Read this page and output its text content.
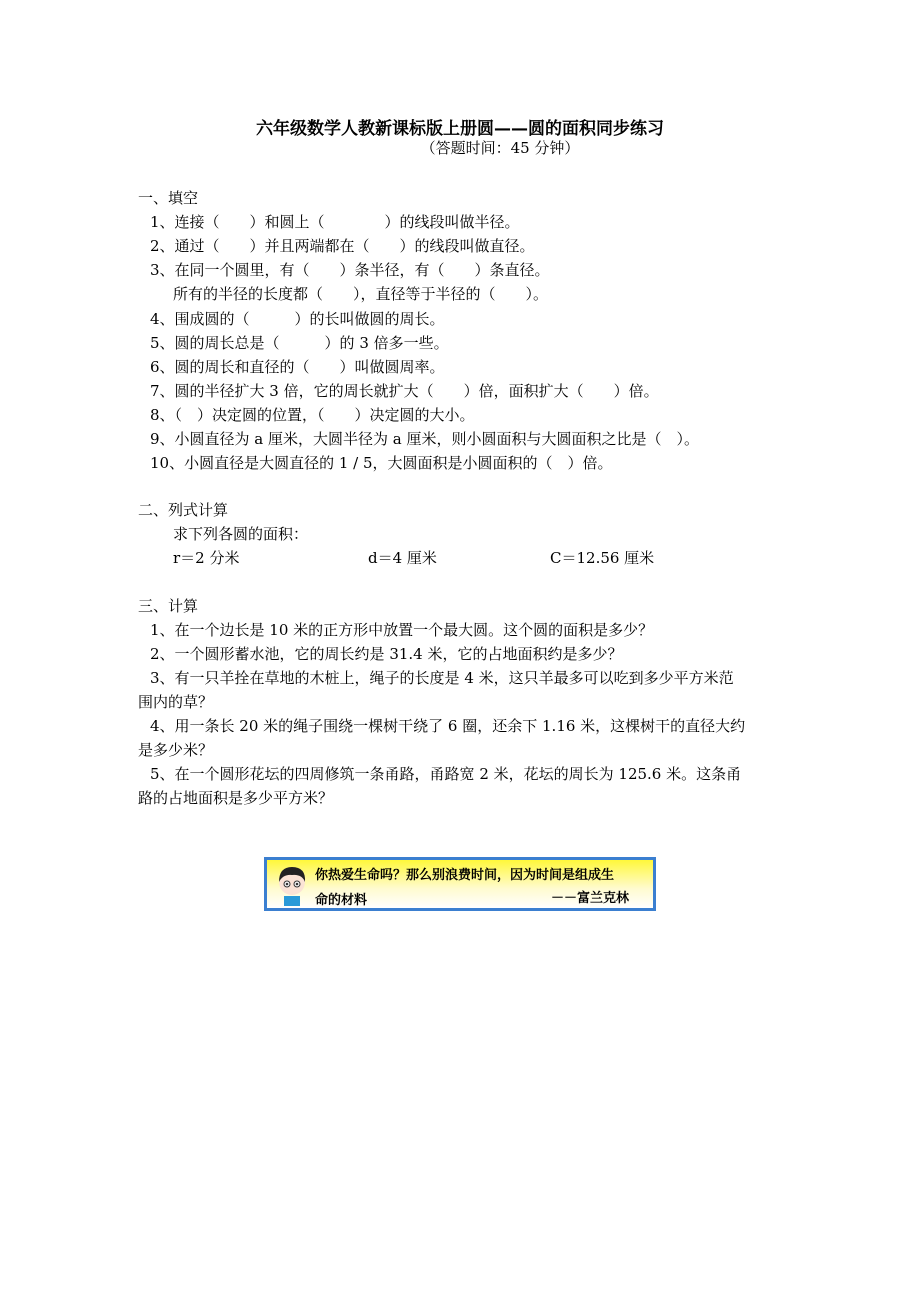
六年级数学人教新课标版上册圆——圆的面积同步练习
（答题时间：45 分钟）
一、填空
1、连接（　　）和圆上（　　　　）的线段叫做半径。
2、通过（　　）并且两端都在（　　）的线段叫做直径。
3、在同一个圆里，有（　　）条半径，有（　　）条直径。
　所有的半径的长度都（　　），直径等于半径的（　　）。
4、围成圆的（　　　）的长叫做圆的周长。
5、圆的周长总是（　　　）的 3 倍多一些。
6、圆的周长和直径的（　　）叫做圆周率。
7、圆的半径扩大 3 倍，它的周长就扩大（　　）倍，面积扩大（　　）倍。
8、（　）决定圆的位置，（　　）决定圆的大小。
9、小圆直径为 a 厘米，大圆半径为 a 厘米，则小圆面积与大圆面积之比是（　）。
10、小圆直径是大圆直径的 1 / 5，大圆面积是小圆面积的（　）倍。
二、列式计算
求下列各圆的面积：
r＝2 分米	d＝4 厘米	C＝12.56 厘米
三、计算
1、在一个边长是 10 米的正方形中放置一个最大圆。这个圆的面积是多少？
2、一个圆形蓄水池，它的周长约是 31.4 米，它的占地面积约是多少？
3、有一只羊拴在草地的木桩上，绳子的长度是 4 米，这只羊最多可以吃到多少平方米范
围内的草？
4、用一条长 20 米的绳子围绕一棵树干绕了 6 圈，还余下 1.16 米，这棵树干的直径大约
是多少米？
5、在一个圆形花坛的四周修筑一条甬路，甬路宽 2 米，花坛的周长为 125.6 米。这条甬
路的占地面积是多少平方米？
你热爱生命吗？那么别浪费时间，因为时间是组成生
命的材料	－－富兰克林
